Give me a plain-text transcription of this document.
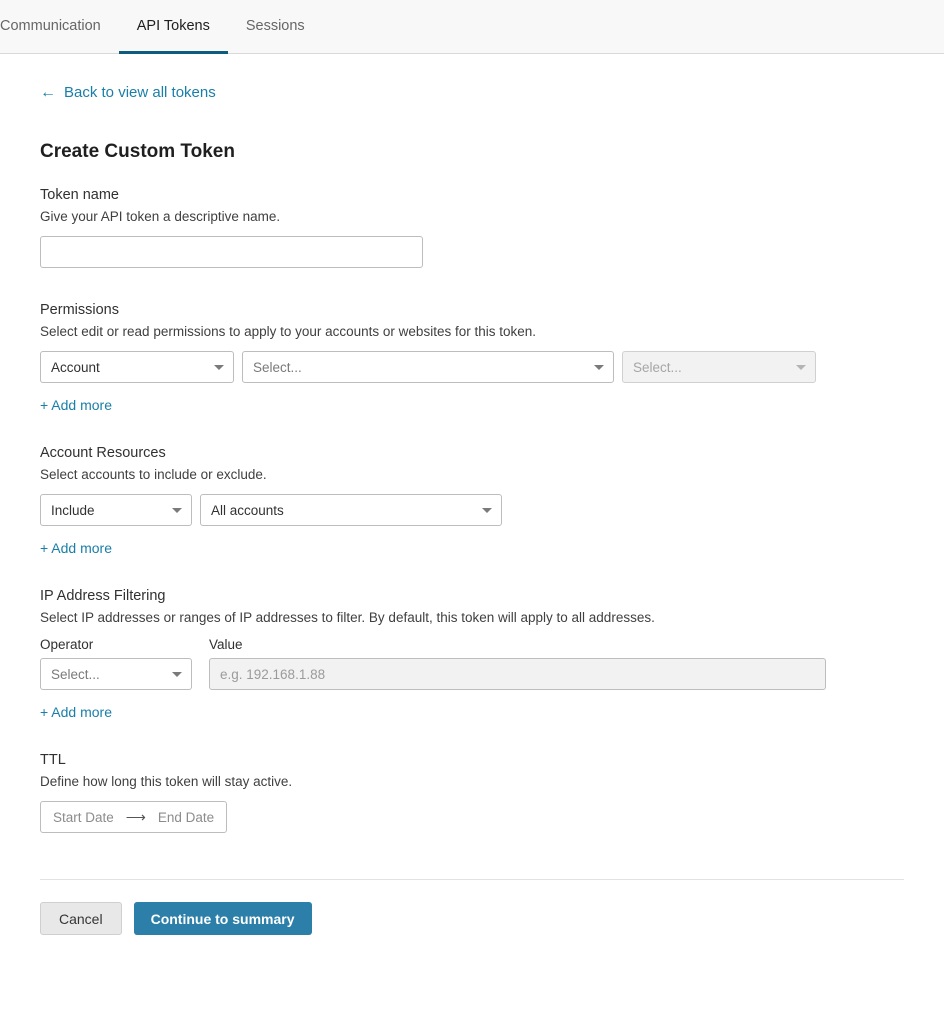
Communication API Tokens Sessions
← Back to view all tokens
Create Custom Token
Token name
Give your API token a descriptive name.
Permissions
Select edit or read permissions to apply to your accounts or websites for this token.
Account	Select...	Select...
+ Add more
Account Resources
Select accounts to include or exclude.
Include	All accounts
+ Add more
IP Address Filtering
Select IP addresses or ranges of IP addresses to filter. By default, this token will apply to all addresses.
Operator
Select...
Value
e.g. 192.168.1.88
+ Add more
TTL
Define how long this token will stay active.
Start Date ⟶ End Date
Cancel	Continue to summary
